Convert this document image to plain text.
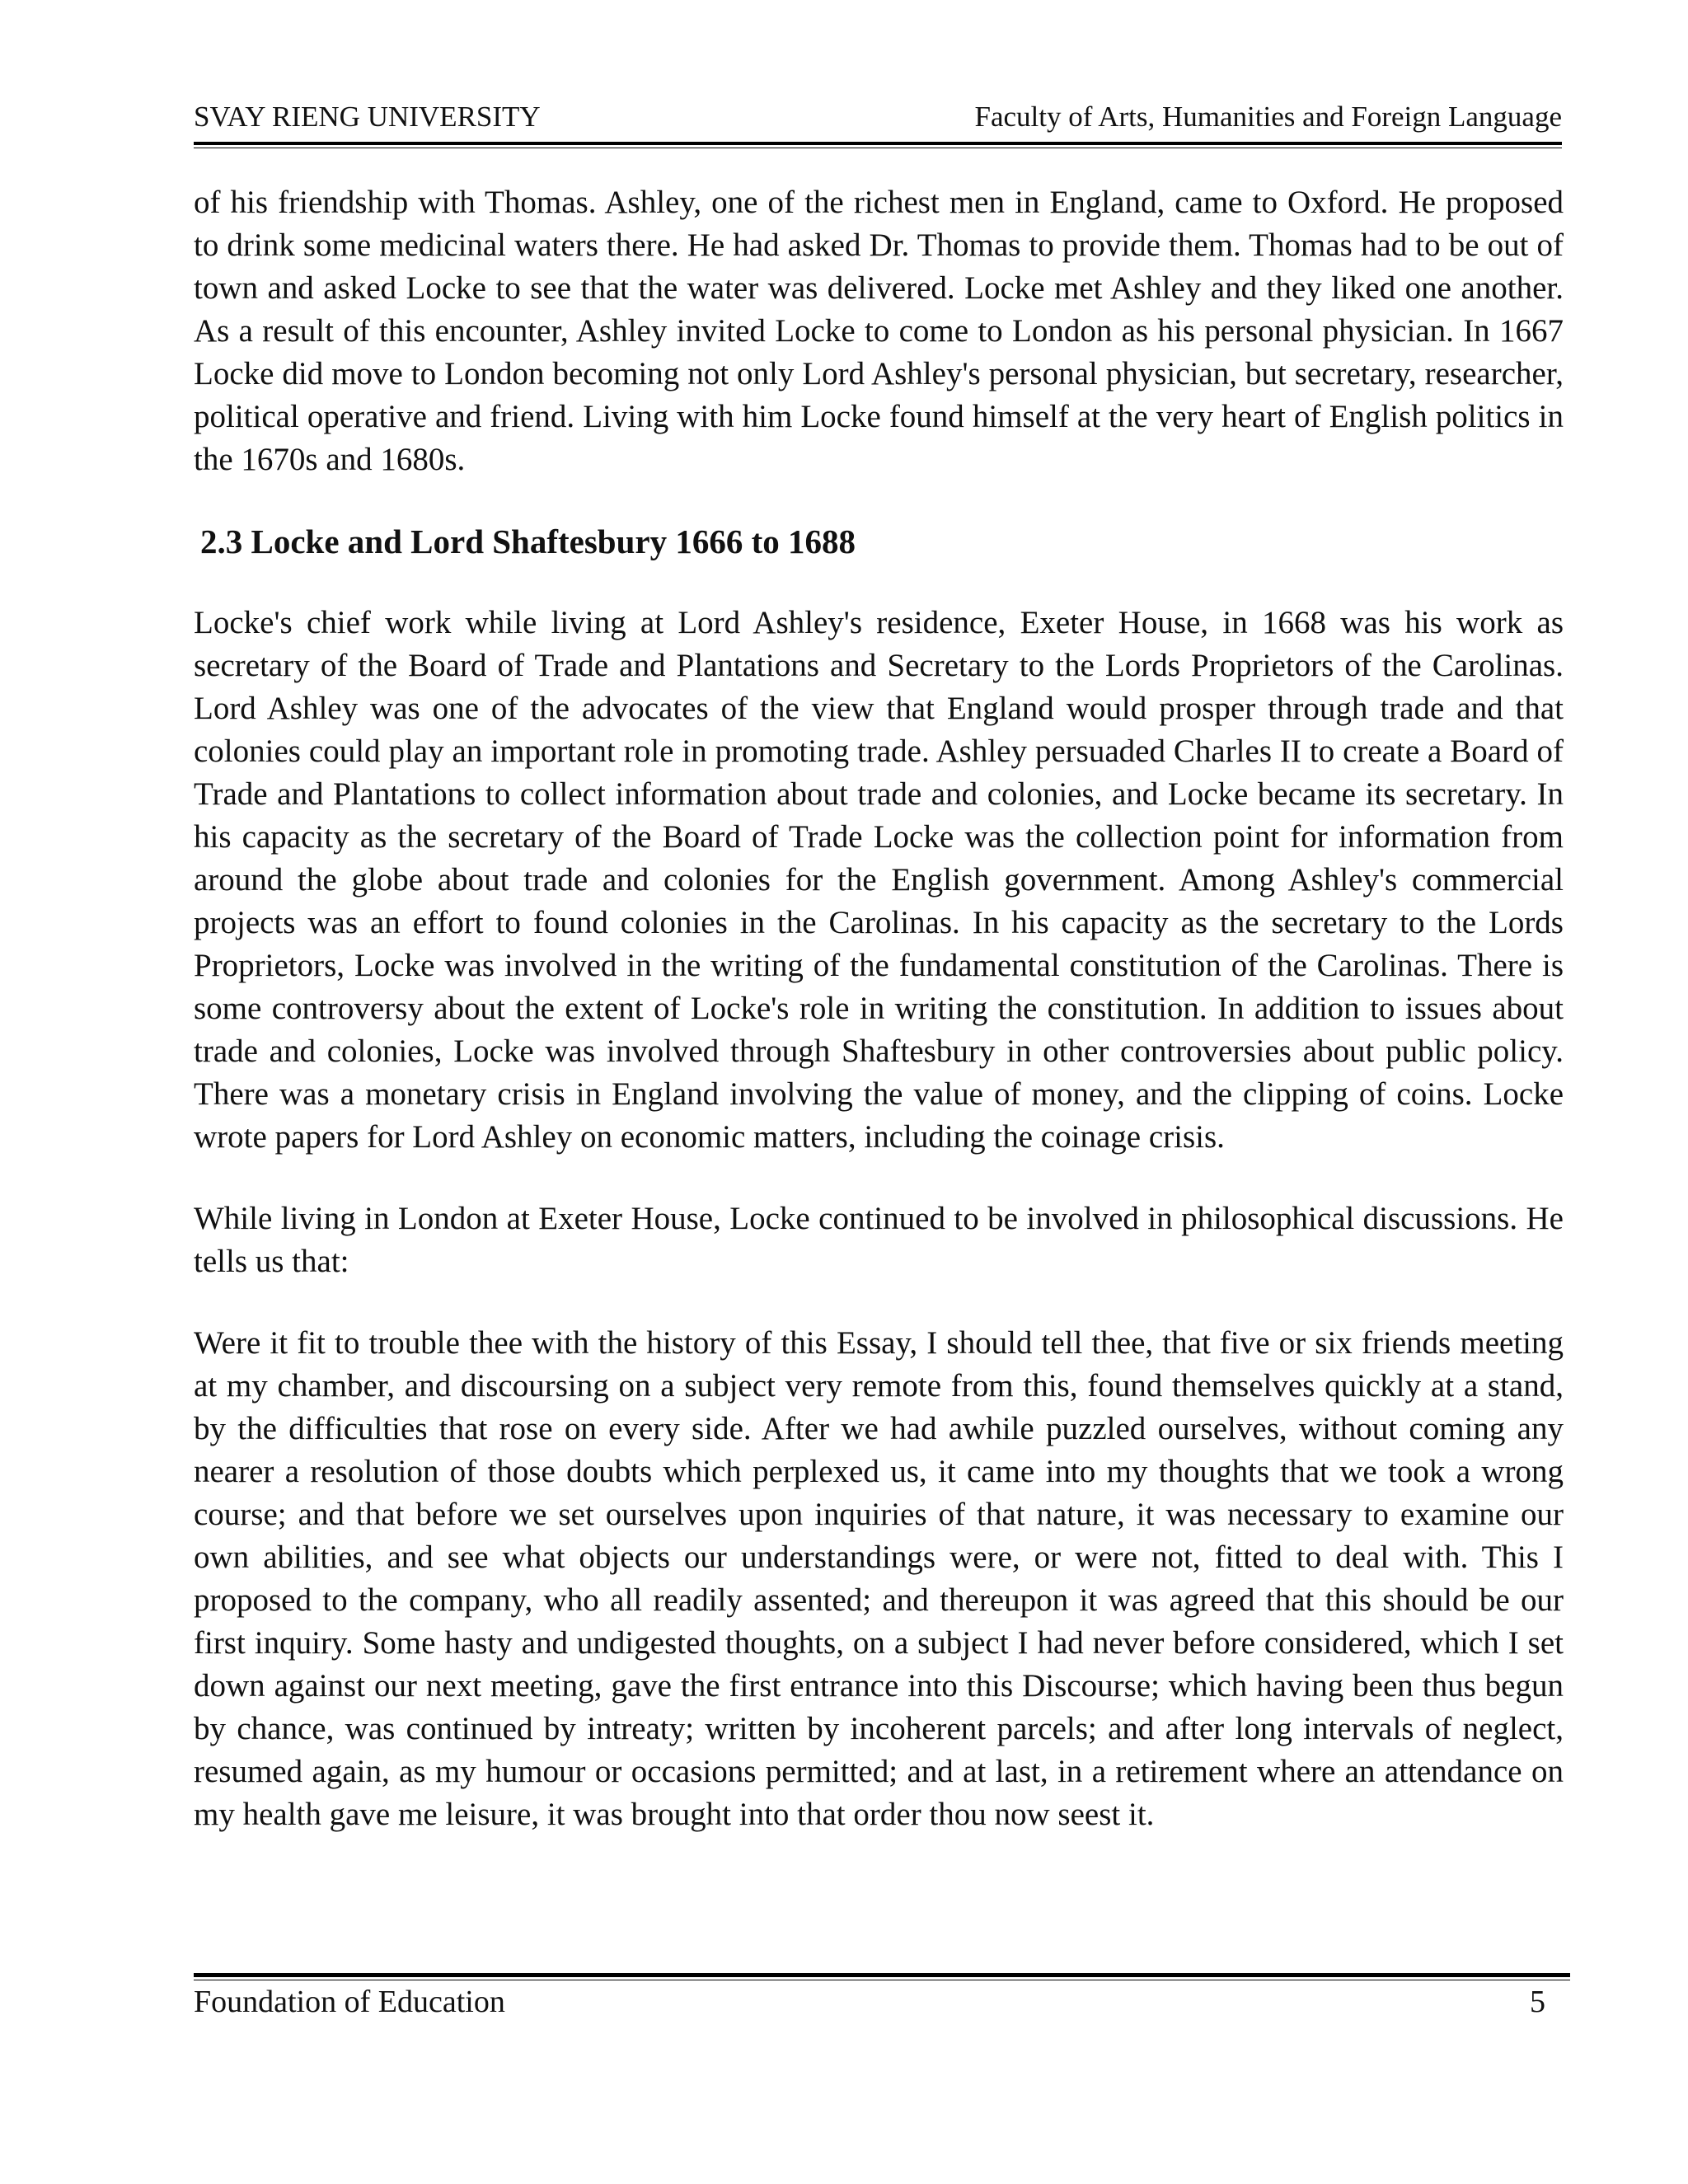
SVAY RIENG UNIVERSITY	Faculty of Arts, Humanities and Foreign Language

of his friendship with Thomas. Ashley, one of the richest men in England, came to Oxford. He proposed to drink some medicinal waters there. He had asked Dr. Thomas to provide them. Thomas had to be out of town and asked Locke to see that the water was delivered. Locke met Ashley and they liked one another. As a result of this encounter, Ashley invited Locke to come to London as his personal physician. In 1667 Locke did move to London becoming not only Lord Ashley's personal physician, but secretary, researcher, political operative and friend. Living with him Locke found himself at the very heart of English politics in the 1670s and 1680s.

2.3 Locke and Lord Shaftesbury 1666 to 1688

Locke's chief work while living at Lord Ashley's residence, Exeter House, in 1668 was his work as secretary of the Board of Trade and Plantations and Secretary to the Lords Proprietors of the Carolinas. Lord Ashley was one of the advocates of the view that England would prosper through trade and that colonies could play an important role in promoting trade. Ashley persuaded Charles II to create a Board of Trade and Plantations to collect information about trade and colonies, and Locke became its secretary. In his capacity as the secretary of the Board of Trade Locke was the collection point for information from around the globe about trade and colonies for the English government. Among Ashley's commercial projects was an effort to found colonies in the Carolinas. In his capacity as the secretary to the Lords Proprietors, Locke was involved in the writing of the fundamental constitution of the Carolinas. There is some controversy about the extent of Locke's role in writing the constitution. In addition to issues about trade and colonies, Locke was involved through Shaftesbury in other controversies about public policy. There was a monetary crisis in England involving the value of money, and the clipping of coins. Locke wrote papers for Lord Ashley on economic matters, including the coinage crisis.

While living in London at Exeter House, Locke continued to be involved in philosophical discussions. He tells us that:

Were it fit to trouble thee with the history of this Essay, I should tell thee, that five or six friends meeting at my chamber, and discoursing on a subject very remote from this, found themselves quickly at a stand, by the difficulties that rose on every side. After we had awhile puzzled ourselves, without coming any nearer a resolution of those doubts which perplexed us, it came into my thoughts that we took a wrong course; and that before we set ourselves upon inquiries of that nature, it was necessary to examine our own abilities, and see what objects our understandings were, or were not, fitted to deal with. This I proposed to the company, who all readily assented; and thereupon it was agreed that this should be our first inquiry. Some hasty and undigested thoughts, on a subject I had never before considered, which I set down against our next meeting, gave the first entrance into this Discourse; which having been thus begun by chance, was continued by intreaty; written by incoherent parcels; and after long intervals of neglect, resumed again, as my humour or occasions permitted; and at last, in a retirement where an attendance on my health gave me leisure, it was brought into that order thou now seest it.

Foundation of Education	5
